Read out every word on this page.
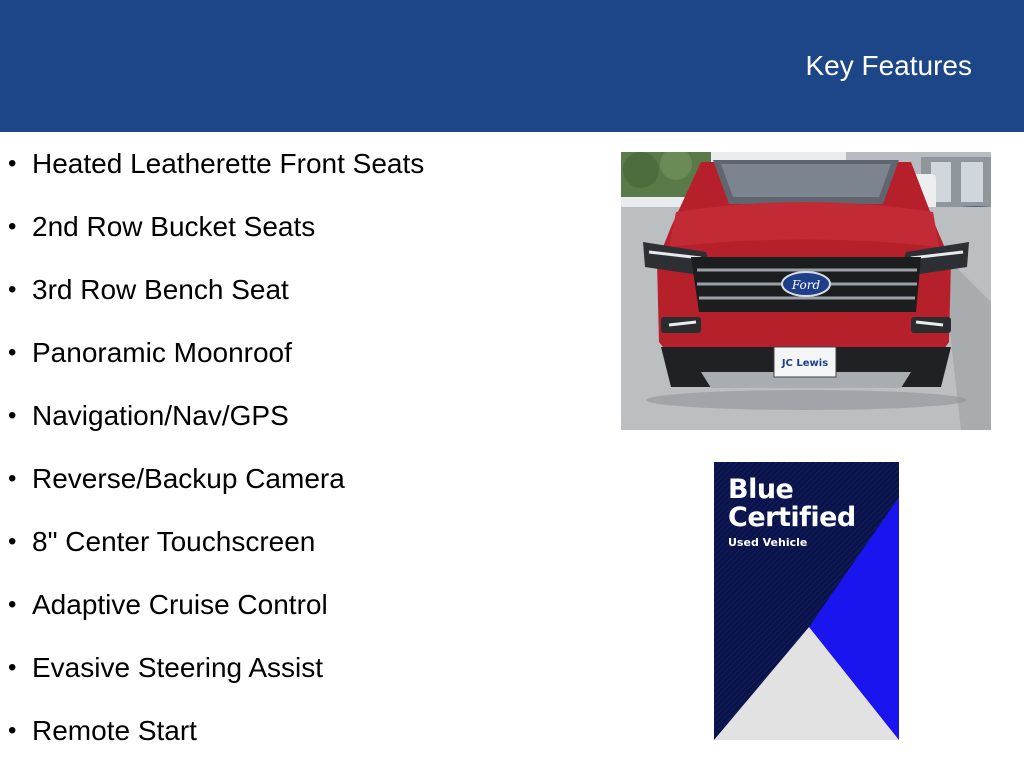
Key Features
• Heated Leatherette Front Seats
• 2nd Row Bucket Seats
• 3rd Row Bench Seat
• Panoramic Moonroof
• Navigation/Nav/GPS
• Reverse/Backup Camera
• 8" Center Touchscreen
• Adaptive Cruise Control
• Evasive Steering Assist
• Remote Start
Ford
JC Lewis
Blue
Certified
Used Vehicle
